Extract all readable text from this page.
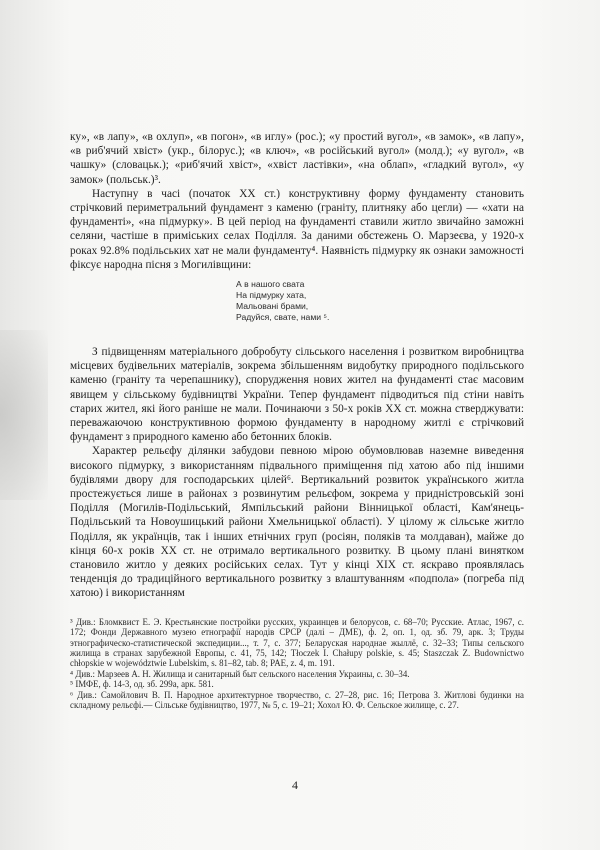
ку», «в лапу», «в охлуп», «в погон», «в иглу» (рос.); «у простий вугол», «в замок», «в лапу», «в риб'ячий хвіст» (укр., білорус.); «в ключ», «в російський вугол» (молд.); «у вугол», «в чашку» (словацьк.); «риб'ячий хвіст», «хвіст ластівки», «на облап», «гладкий вугол», «у замок» (польськ.)³.

Наступну в часі (початок XX ст.) конструктивну форму фундаменту становить стрічковий периметральний фундамент з каменю (граніту, плитняку або цегли) — «хати на фундаменті», «на підмурку». В цей період на фундаменті ставили житло звичайно заможні селяни, частіше в приміських селах Поділля. За даними обстежень О. Марзеєва, у 1920-х роках 92.8% подільських хат не мали фундаменту⁴. Наявність підмурку як ознаки заможності фіксує народна пісня з Могилівщини:

А в нашого свата
На підмурку хата,
Мальовані брами,
Радуйся, свате, нами ⁵.

З підвищенням матеріального добробуту сільського населення і розвитком виробництва місцевих будівельних матеріалів, зокрема збільшенням видобутку природного подільського каменю (граніту та черепашнику), спорудження нових жител на фундаменті стає масовим явищем у сільському будівництві України. Тепер фундамент підводиться під стіни навіть старих жител, які його раніше не мали. Починаючи з 50-х років XX ст. можна стверджувати: переважаючою конструктивною формою фундаменту в народному житлі є стрічковий фундамент з природного каменю або бетонних блоків.

Характер рельєфу ділянки забудови певною мірою обумовлював наземне виведення високого підмурку, з використанням підвального приміщення під хатою або під іншими будівлями двору для господарських цілей⁶. Вертикальний розвиток українського житла простежується лише в районах з розвинутим рельєфом, зокрема у придністровській зоні Поділля (Могилів-Подільський, Ямпільський райони Вінницької області, Кам'янець-Подільський та Новоушицький райони Хмельницької області). У цілому ж сільське житло Поділля, як українців, так і інших етнічних груп (росіян, поляків та молдаван), майже до кінця 60-х років XX ст. не отримало вертикального розвитку. В цьому плані винятком становило житло у деяких російських селах. Тут у кінці XIX ст. яскраво проявлялась тенденція до традиційного вертикального розвитку з влаштуванням «подпола» (погреба під хатою) і використанням

³ Див.: Бломквист Е. Э. Крестьянские постройки русских, украинцев и белорусов, с. 68–70; Русские. Атлас, 1967, с. 172; Фонди Державного музею етнографії народів СРСР (далі – ДМЕ), ф. 2, оп. 1, од. зб. 79, арк. 3; Труды этнографическо-статистической экспедиции..., т. 7, с. 377; Беларуская народнае жыллё, с. 32–33; Типы сельского жилища в странах зарубежной Европы, с. 41, 75, 142; Tłoczek I. Chałupy polskie, s. 45; Staszczak Z. Budownictwo chłopskie w województwie Lubelskim, s. 81–82, tab. 8; PAE, z. 4, m. 191.

⁴ Див.: Марзеев А. Н. Жилища и санитарный быт сельского населения Украины, с. 30–34.

⁵ ІМФЕ, ф. 14-3, од. зб. 299а, арк. 581.

⁶ Див.: Самойлович В. П. Народное архитектурное творчество, с. 27–28, рис. 16; Петрова З. Житлові будинки на складному рельєфі.— Сільське будівництво, 1977, № 5, с. 19–21; Хохол Ю. Ф. Сельское жилище, с. 27.

4
